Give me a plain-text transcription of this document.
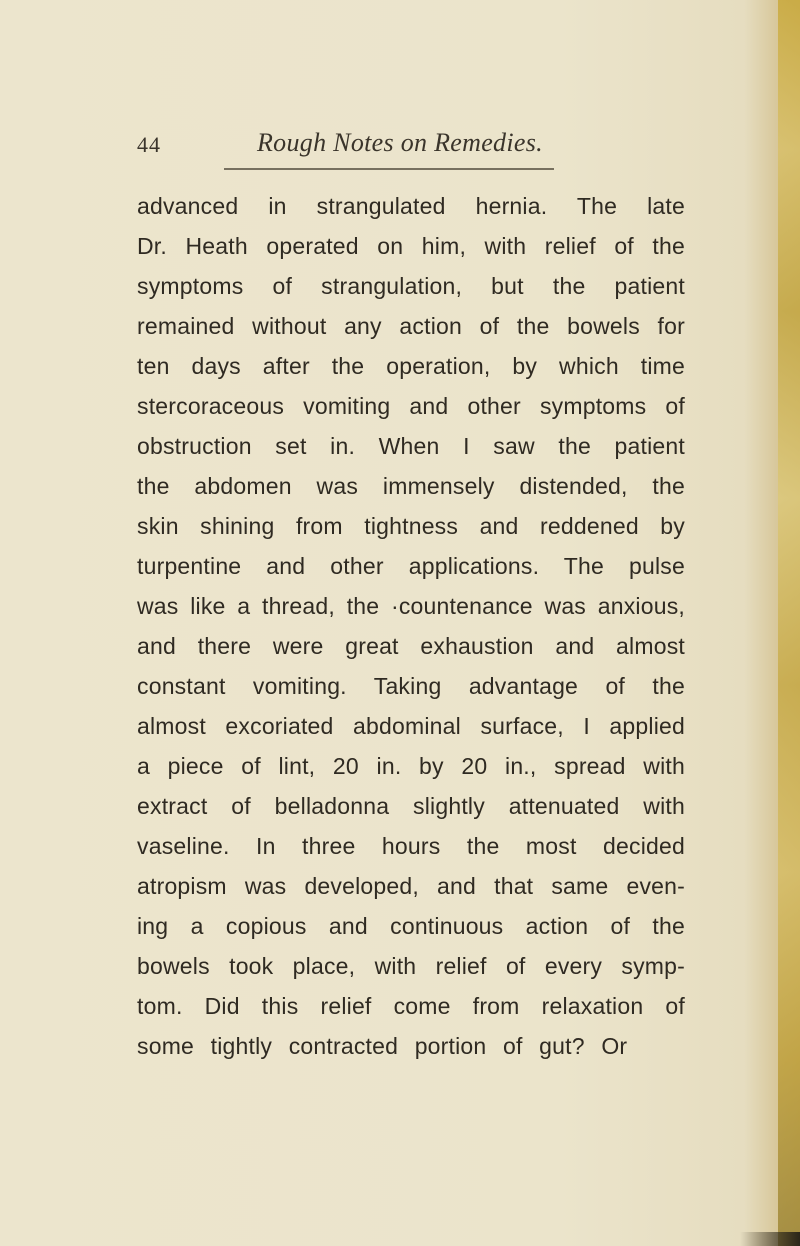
44	Rough Notes on Remedies.
advanced in strangulated hernia. The late
Dr. Heath operated on him, with relief of the
symptoms of strangulation, but the patient
remained without any action of the bowels for
ten days after the operation, by which time
stercoraceous vomiting and other symptoms of
obstruction set in. When I saw the patient
the abdomen was immensely distended, the
skin shining from tightness and reddened by
turpentine and other applications. The pulse
was like a thread, the ·countenance was anxious,
and there were great exhaustion and almost
constant vomiting. Taking advantage of the
almost excoriated abdominal surface, I applied
a piece of lint, 20 in. by 20 in., spread with
extract of belladonna slightly attenuated with
vaseline. In three hours the most decided
atropism was developed, and that same even-
ing a copious and continuous action of the
bowels took place, with relief of every symp-
tom. Did this relief come from relaxation of
some tightly contracted portion of gut? Or
